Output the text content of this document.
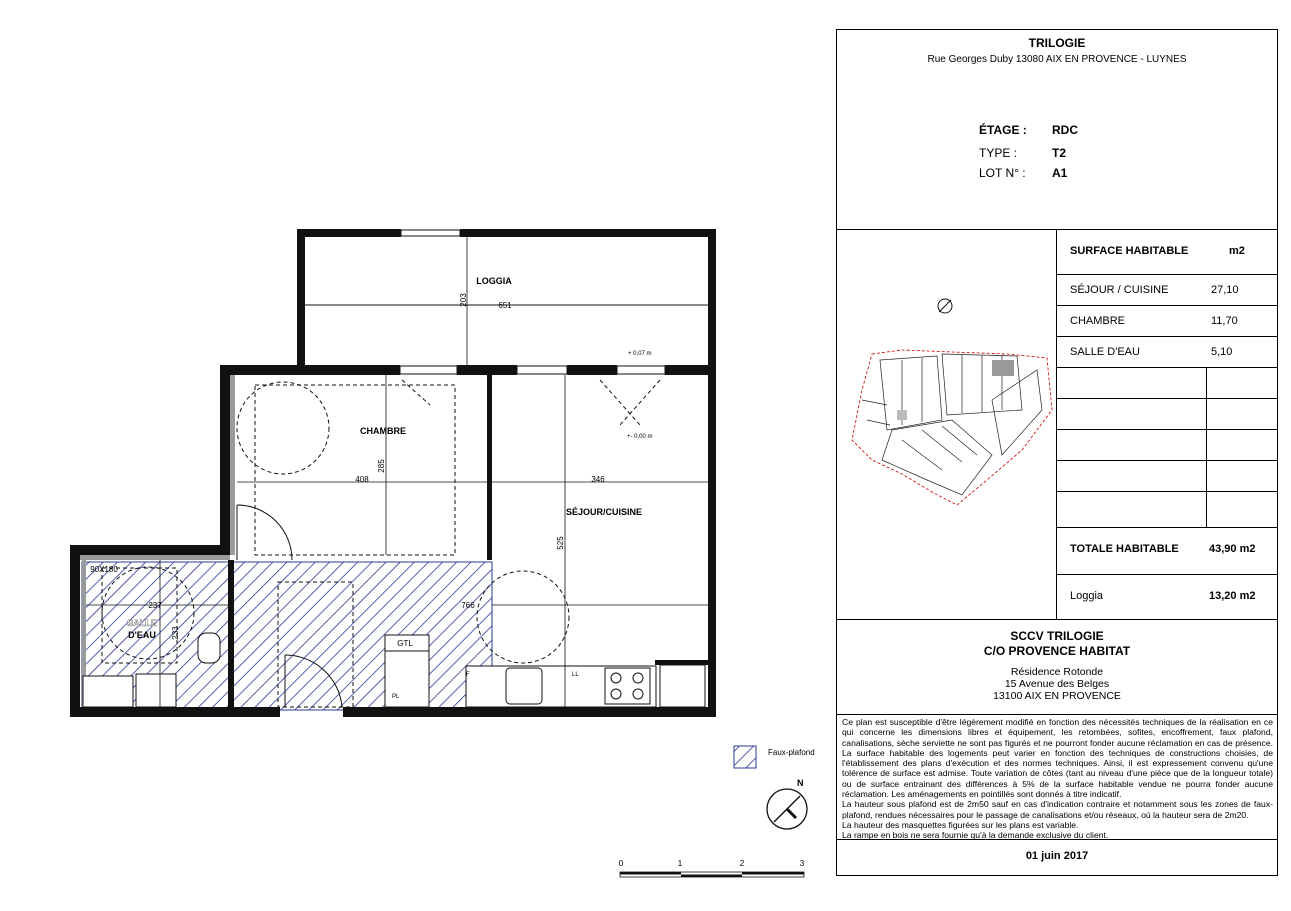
LOGGIA
CHAMBRE
SÉJOUR/CUISINE
SALLE
D'EAU
90X180
GTL
PL
F	LL
651
203
408
285
346
525
766
237
233
+ 0,07 m
+- 0,00 m
Faux-plafond
N
0	1	2	3
TRILOGIE
Rue Georges Duby 13080 AIX EN PROVENCE - LUYNES
ÉTAGE : RDC
TYPE :	T2
LOT N° : A1
SURFACE HABITABLE	m2
SÉJOUR / CUISINE	27,10
CHAMBRE	11,70
SALLE D'EAU	5,10
TOTALE HABITABLE	43,90 m2
Loggia	13,20 m2
SCCV TRILOGIE
C/O PROVENCE HABITAT
Résidence Rotonde
15 Avenue des Belges
13100 AIX EN PROVENCE
Ce plan est susceptible d'être légèrement modifié en fonction des nécessités techniques de la réalisation en ce qui concerne les dimensions libres et équipement, les retombées, sofites, encoffrement, faux plafond, canalisations, sèche serviette ne sont pas figurés et ne pourront fonder aucune réclamation en cas de présence. La surface habitable des logements peut varier en fonction des techniques de constructions choisies, de l'établissement des plans d'exécution et des normes techniques. Ainsi, il est expressement convenu qu'une tolérence de surface est admise. Toute variation de côtes (tant au niveau d'une pièce que de la longueur totale) ou de surface entrainant des différences à 5% de la surface habitable vendue ne pourra fonder aucune réclamation. Les aménagements en pointillés sont donnés à titre indicatif.
La hauteur sous plafond est de 2m50 sauf en cas d'indication contraire et notamment sous les zones de faux-plafond, rendues nécessaires pour le passage de canalisations et/ou réseaux, où la hauteur sera de 2m20.
La hauteur des masquettes figurées sur les plans est variable.
La rampe en bois ne sera fournie qu'à la demande exclusive du client.
01 juin 2017
